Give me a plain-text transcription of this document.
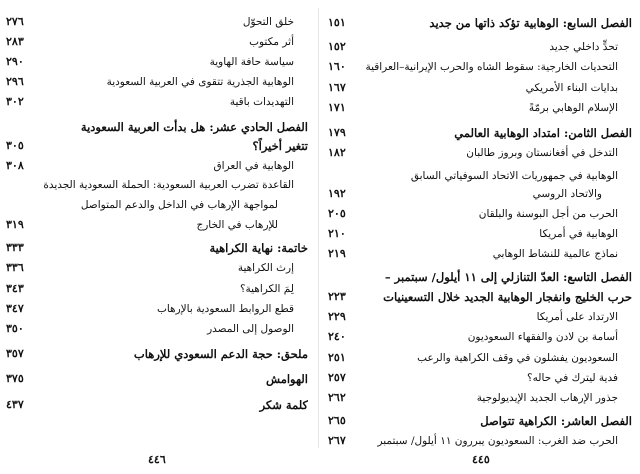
الفصل السابع: الوهابية تؤكد ذاتها من جديد
١٥١
تحدٍّ داخلي جديد
١٥٢
التحديات الخارجية: سقوط الشاه والحرب الإيرانية–العراقية
١٦٠
بدايات البناء الأمريكي
١٦٧
الإسلام الوهابي برمّةً
١٧١
الفصل الثامن: امتداد الوهابية العالمي
١٧٩
التدخل في أفغانستان وبروز طالبان
١٨٢
الوهابية في جمهوريات الاتحاد السوفياتي السابق
والاتحاد الروسي
١٩٢
الحرب من أجل البوسنة والبلقان
٢٠٥
الوهابية في أمريكا
٢١٠
نماذج عالمية للنشاط الوهابي
٢١٩
الفصل التاسع: العدّ التنازلي إلى ١١ أيلول/ سبتمبر –
حرب الخليج وانفجار الوهابية الجديد خلال التسعينيات
٢٢٣
الارتداد على أمريكا
٢٢٩
أسامة بن لادن والفقهاء السعوديون
٢٤٠
السعوديون يفشلون في وقف الكراهية والرعب
٢٥١
فدية ليترك في حاله؟
٢٥٧
جذور الإرهاب الجديد الإيديولوجية
٢٦٢
الفصل العاشر: الكراهية تتواصل
٢٦٥
الحرب ضد الغرب: السعوديون يبررون ١١ أيلول/ سبتمبر
٢٦٧
٤٤٥
خلق التحوّل
٢٧٦
أثر مكتوب
٢٨٣
سياسة حافة الهاوية
٢٩٠
الوهابية الجذرية تتقوى في العربية السعودية
٢٩٦
التهديدات باقية
٣٠٢
الفصل الحادي عشر: هل بدأت العربية السعودية
تتغير أخيراً؟
٣٠٥
الوهابية في العراق
٣٠٨
القاعدة تضرب العربية السعودية: الحملة السعودية الجديدة
لمواجهة الإرهاب في الداخل والدعم المتواصل
للإرهاب في الخارج
٣١٩
خاتمة: نهاية الكراهية
٣٣٣
إرث الكراهية
٣٣٦
لِمَ الكراهية؟
٣٤٣
قطع الروابط السعودية بالإرهاب
٣٤٧
الوصول إلى المصدر
٣٥٠
ملحق: حجة الدعم السعودي للإرهاب
٣٥٧
الهوامش
٣٧٥
كلمة شكر
٤٣٧
٤٤٦
